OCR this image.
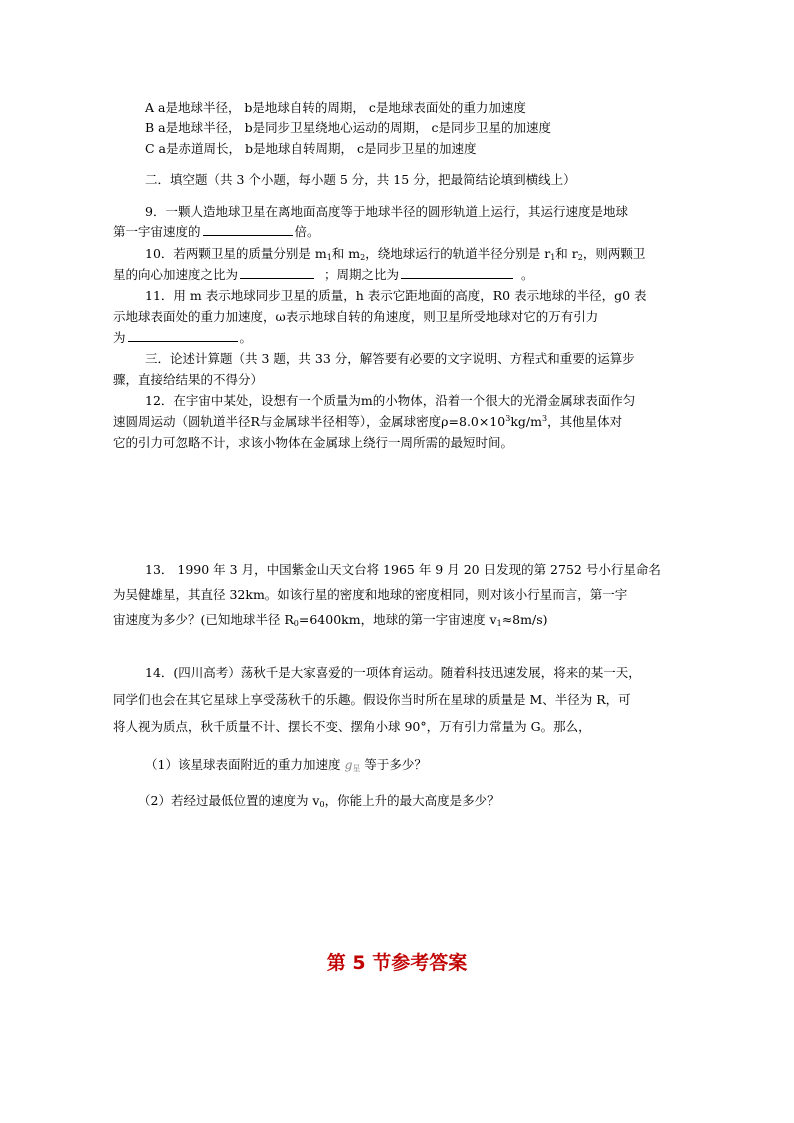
A a是地球半径， b是地球自转的周期， c是地球表面处的重力加速度
B a是地球半径， b是同步卫星绕地心运动的周期， c是同步卫星的加速度
C a是赤道周长， b是地球自转周期， c是同步卫星的加速度
二．填空题（共 3 个小题，每小题 5 分，共 15 分，把最简结论填到横线上）
9．一颗人造地球卫星在离地面高度等于地球半径的圆形轨道上运行，其运行速度是地球
第一宇宙速度的	倍。
10．若两颗卫星的质量分别是 $m_1$和 $m_2$，绕地球运行的轨道半径分别是 $r_1$和 $r_2$，则两颗卫
星的向心加速度之比为	；周期之比为	。
11．用 m 表示地球同步卫星的质量，h 表示它距地面的高度，R0 表示地球的半径，g0 表
示地球表面处的重力加速度，ω表示地球自转的角速度，则卫星所受地球对它的万有引力
为	。
三．论述计算题（共 3 题，共 33 分，解答要有必要的文字说明、方程式和重要的运算步
骤，直接给结果的不得分）
12．在宇宙中某处，设想有一个质量为m的小物体，沿着一个很大的光滑金属球表面作匀
速圆周运动（圆轨道半径R与金属球半径相等），金属球密度$\rho=8.0\times 10^3kg/m^3$，其他星体对
它的引力可忽略不计，求该小物体在金属球上绕行一周所需的最短时间。
13． 1990 年 3 月，中国紫金山天文台将 1965 年 9 月 20 日发现的第 2752 号小行星命名
为吴健雄星，其直径 32km。如该行星的密度和地球的密度相同，则对该小行星而言，第一宇
宙速度为多少？(已知地球半径 $R_0=6400km$，地球的第一宇宙速度 $v_1\approx 8m/s$)
14．(四川高考）荡秋千是大家喜爱的一项体育运动。随着科技迅速发展，将来的某一天，
同学们也会在其它星球上享受荡秋千的乐趣。假设你当时所在星球的质量是 M、半径为 R，可
将人视为质点，秋千质量不计、摆长不变、摆角小球 90°，万有引力常量为 G。那么，
（1）该星球表面附近的重力加速度 $g_星$ 等于多少？
（2）若经过最低位置的速度为 $v_0$，你能上升的最大高度是多少？
第 5 节参考答案
